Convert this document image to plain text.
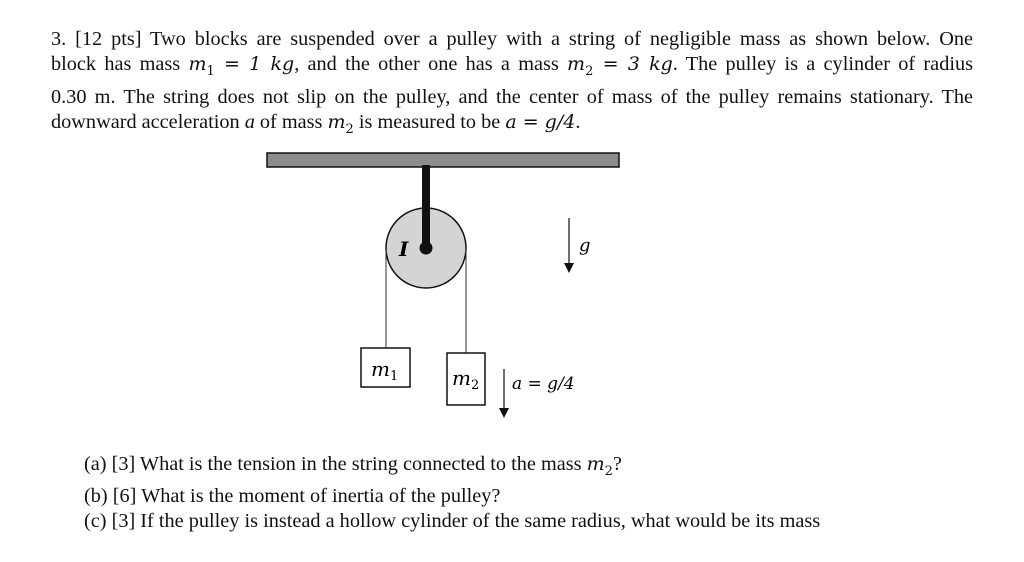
3. [12 pts] Two blocks are suspended over a pulley with a string of negligible mass as shown below. One
block has mass $m_1 = 1$ kg, and the other one has a mass $m_2 = 3$ kg. The pulley is a cylinder of radius
0.30 m. The string does not slip on the pulley, and the center of mass of the pulley remains stationary. The
downward acceleration a of mass $m_2$ is measured to be a = g/4.
I
$m_1$	$m_2$
g
a = g/4
(a) [3] What is the tension in the string connected to the mass $m_2$?
(b) [6] What is the moment of inertia of the pulley?
(c) [3] If the pulley is instead a hollow cylinder of the same radius, what would be its mass
